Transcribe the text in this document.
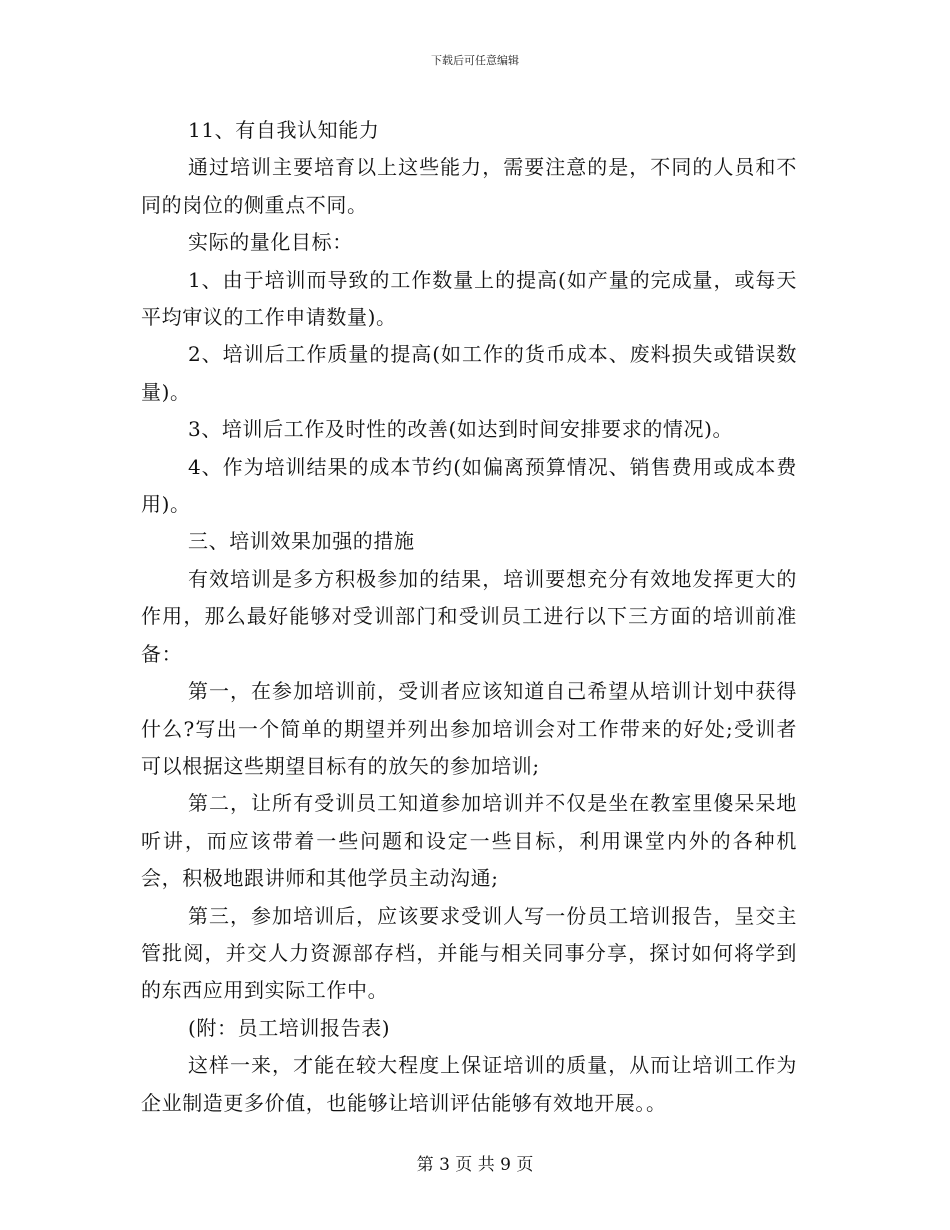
下载后可任意编辑

11、有自我认知能力

通过培训主要培育以上这些能力，需要注意的是，不同的人员和不同的岗位的侧重点不同。

实际的量化目标：

1、由于培训而导致的工作数量上的提高(如产量的完成量，或每天平均审议的工作申请数量)。

2、培训后工作质量的提高(如工作的货币成本、废料损失或错误数量)。

3、培训后工作及时性的改善(如达到时间安排要求的情况)。

4、作为培训结果的成本节约(如偏离预算情况、销售费用或成本费用)。

三、培训效果加强的措施

有效培训是多方积极参加的结果，培训要想充分有效地发挥更大的作用，那么最好能够对受训部门和受训员工进行以下三方面的培训前准备：

第一，在参加培训前，受训者应该知道自己希望从培训计划中获得什么?写出一个简单的期望并列出参加培训会对工作带来的好处;受训者可以根据这些期望目标有的放矢的参加培训;

第二，让所有受训员工知道参加培训并不仅是坐在教室里傻呆呆地听讲，而应该带着一些问题和设定一些目标，利用课堂内外的各种机会，积极地跟讲师和其他学员主动沟通;

第三，参加培训后，应该要求受训人写一份员工培训报告，呈交主管批阅，并交人力资源部存档，并能与相关同事分享，探讨如何将学到的东西应用到实际工作中。

(附：员工培训报告表)

这样一来，才能在较大程度上保证培训的质量，从而让培训工作为企业制造更多价值，也能够让培训评估能够有效地开展。。

第 3 页 共 9 页
